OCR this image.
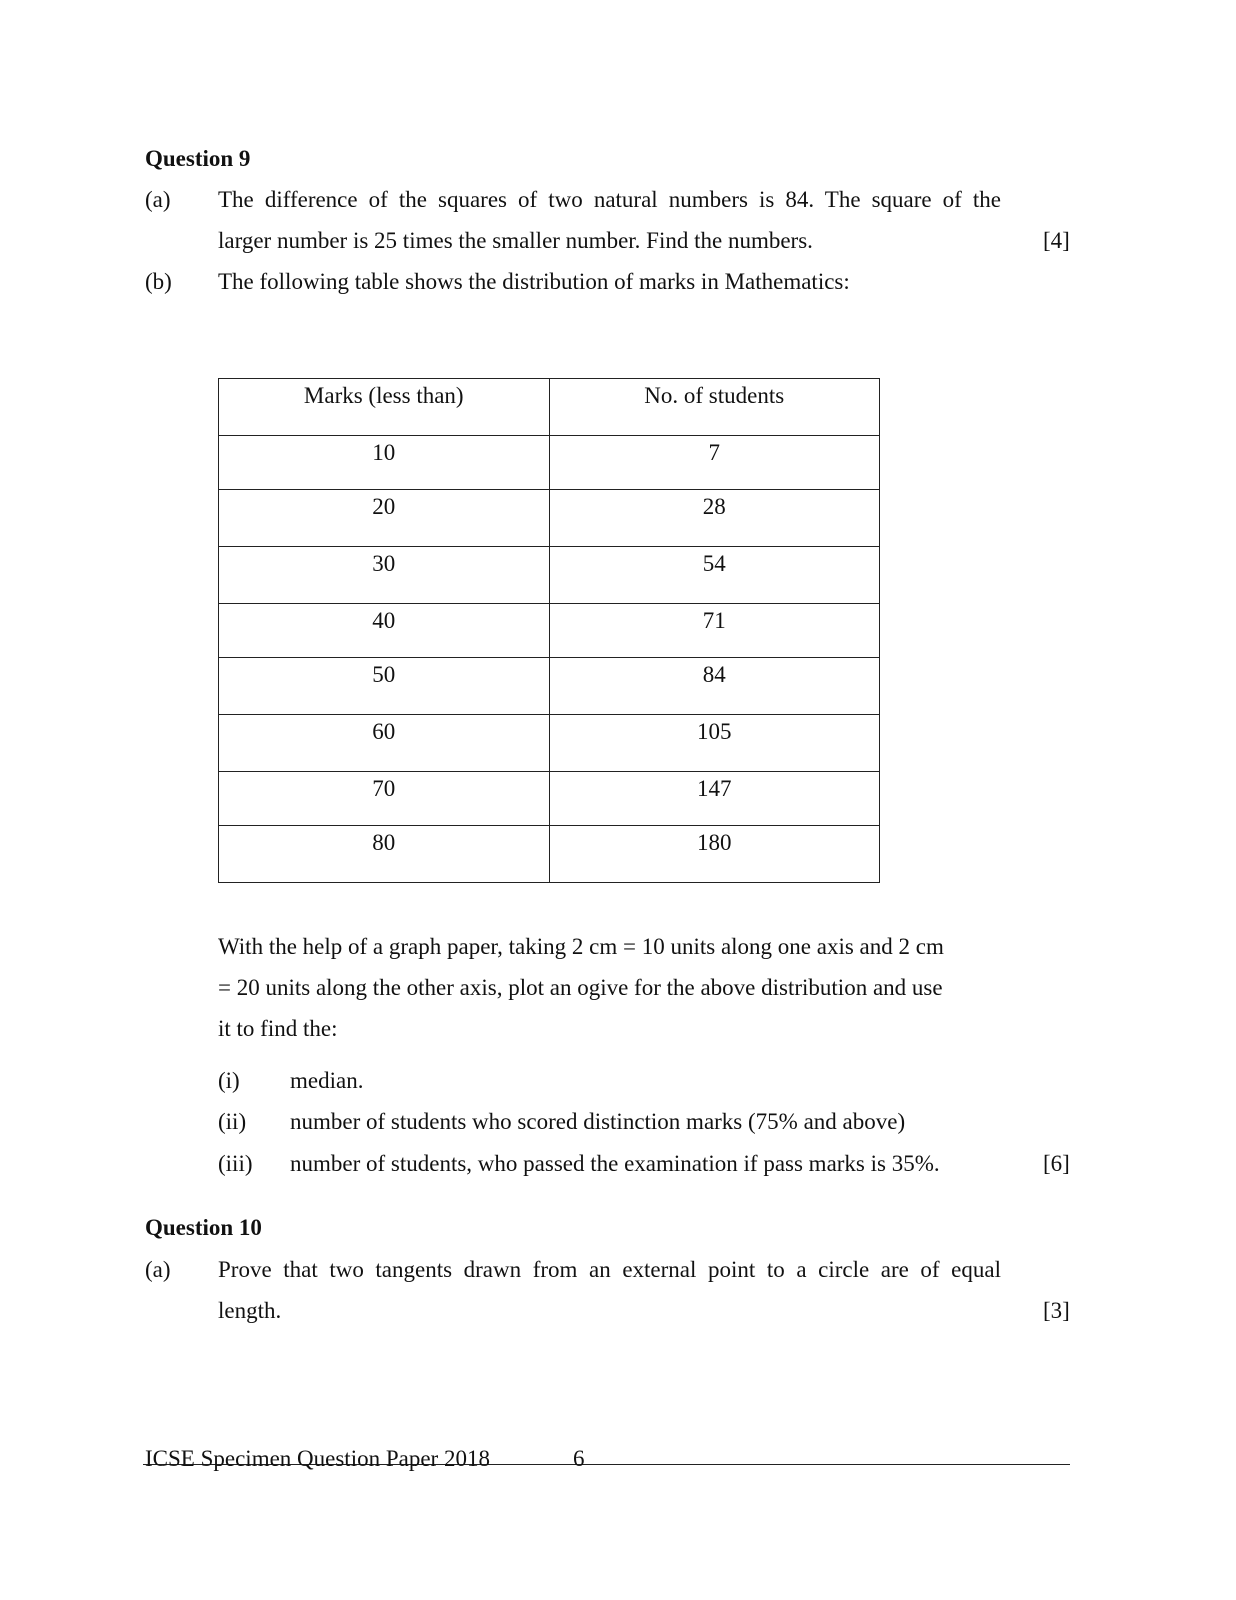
Question 9
(a) The difference of the squares of two natural numbers is 84. The square of the
larger number is 25 times the smaller number. Find the numbers.	[4]
(b) The following table shows the distribution of marks in Mathematics:
Marks (less than)	No. of students
10	7
20	28
30	54
40	71
50	84
60	105
70	147
80	180
With the help of a graph paper, taking 2 cm = 10 units along one axis and 2 cm
= 20 units along the other axis, plot an ogive for the above distribution and use
it to find the:
(i) median.
(ii) number of students who scored distinction marks (75% and above)
(iii) number of students, who passed the examination if pass marks is 35%.	[6]
Question 10
(a) Prove that two tangents drawn from an external point to a circle are of equal
length.	[3]
ICSE Specimen Question Paper 2018	6
